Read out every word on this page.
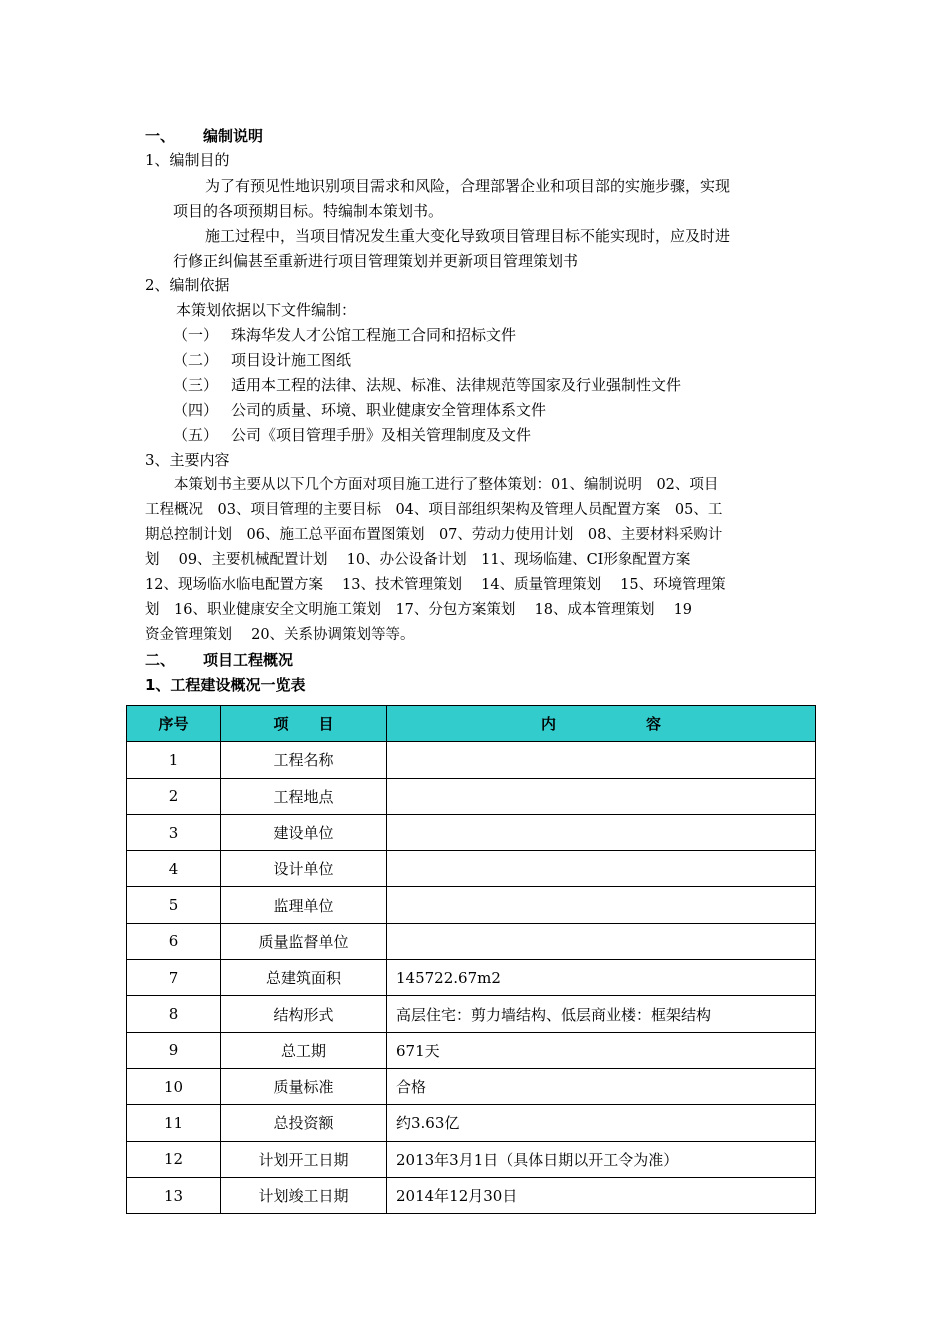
一、 编制说明
1、编制目的
为了有预见性地识别项目需求和风险，合理部署企业和项目部的实施步骤，实现
项目的各项预期目标。特编制本策划书。
施工过程中，当项目情况发生重大变化导致项目管理目标不能实现时，应及时进
行修正纠偏甚至重新进行项目管理策划并更新项目管理策划书
2、编制依据
本策划依据以下文件编制：
（一） 珠海华发人才公馆工程施工合同和招标文件
（二） 项目设计施工图纸
（三） 适用本工程的法律、法规、标准、法律规范等国家及行业强制性文件
（四） 公司的质量、环境、职业健康安全管理体系文件
（五） 公司《项目管理手册》及相关管理制度及文件
3、主要内容
　　本策划书主要从以下几个方面对项目施工进行了整体策划：01、编制说明　02、项目
工程概况　03、项目管理的主要目标　04、项目部组织架构及管理人员配置方案　05、工
期总控制计划　06、施工总平面布置图策划　07、劳动力使用计划　08、主要材料采购计
划　 09、主要机械配置计划　 10、办公设备计划　11、现场临建、CI形象配置方案
12、现场临水临电配置方案　 13、技术管理策划　 14、质量管理策划　 15、环境管理策
划　16、职业健康安全文明施工策划　17、分包方案策划　 18、成本管理策划　 19
资金管理策划　 20、关系协调策划等等。
二、 项目工程概况
1、工程建设概况一览表
序号	项　　目	内　　　　　　容
1	工程名称	
2	工程地点	
3	建设单位	
4	设计单位	
5	监理单位	
6	质量监督单位	
7	总建筑面积	145722.67m2
8	结构形式	高层住宅：剪力墙结构、低层商业楼：框架结构
9	总工期	671天
10	质量标准	合格
11	总投资额	约3.63亿
12	计划开工日期	2013年3月1日（具体日期以开工令为准）
13	计划竣工日期	2014年12月30日
